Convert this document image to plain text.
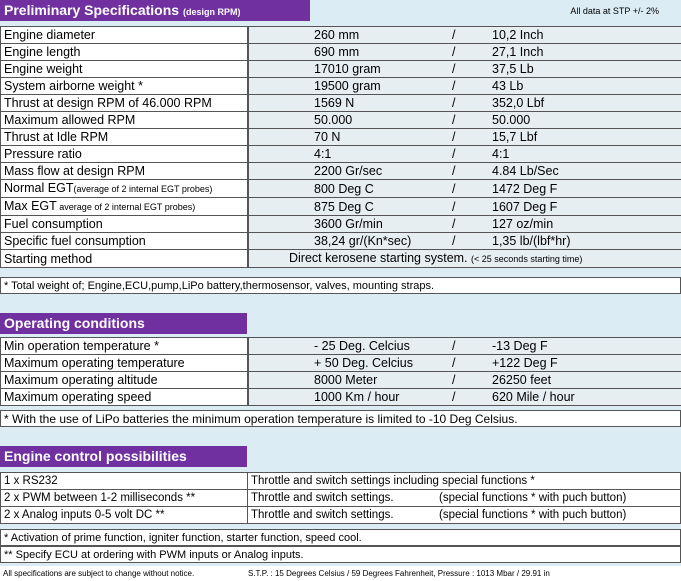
Preliminary Specifications (design RPM)	All data at STP +/- 2%
Engine diameter	260 mm / 10,2 Inch
Engine length	690 mm / 27,1 Inch
Engine weight	17010 gram / 37,5 Lb
System airborne weight *	19500 gram / 43 Lb
Thrust at design RPM of 46.000 RPM	1569 N / 352,0 Lbf
Maximum allowed RPM	50.000 / 50.000
Thrust at Idle RPM	70 N / 15,7 Lbf
Pressure ratio	4:1 / 4:1
Mass flow at design RPM	2200 Gr/sec / 4.84 Lb/Sec
Normal EGT(average of 2 internal EGT probes)	800 Deg C / 1472 Deg F
Max EGT average of 2 internal EGT probes)	875 Deg C / 1607 Deg F
Fuel consumption	3600 Gr/min / 127 oz/min
Specific fuel consumption	38,24 gr/(Kn*sec) / 1,35 lb/(lbf*hr)
Starting method	Direct kerosene starting system. (< 25 seconds starting time)
* Total weight of; Engine,ECU,pump,LiPo battery,thermosensor, valves, mounting straps.
Operating conditions
Min operation temperature *	- 25 Deg. Celcius / -13 Deg F
Maximum operating temperature	+ 50 Deg. Celcius / +122 Deg F
Maximum operating altitude	8000 Meter / 26250 feet
Maximum operating speed	1000 Km / hour / 620 Mile / hour
* With the use of LiPo batteries the minimum operation temperature is limited to -10 Deg Celsius.
Engine control possibilities
1 x RS232	Throttle and switch settings including special functions *
2 x PWM between 1-2 milliseconds **	Throttle and switch settings. (special functions * with puch button)
2 x Analog inputs 0-5 volt DC **	Throttle and switch settings. (special functions * with puch button)
* Activation of prime function, igniter function, starter function, speed cool.
** Specify ECU at ordering with PWM inputs or Analog inputs.
All specifications are subject to change without notice.	S.T.P. : 15 Degrees Celsius / 59 Degrees Fahrenheit, Pressure : 1013 Mbar / 29.91 in
